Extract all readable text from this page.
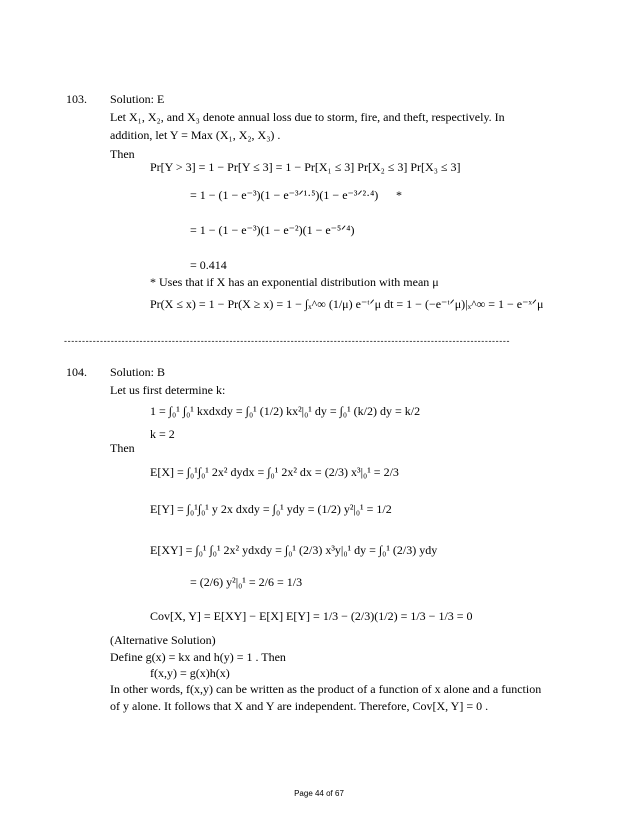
103. Solution: E
Let X₁, X₂, and X₃ denote annual loss due to storm, fire, and theft, respectively. In
addition, let Y = Max (X₁, X₂, X₃) .
Then
Pr[Y > 3] = 1 − Pr[Y ≤ 3] = 1 − Pr[X₁ ≤ 3] Pr[X₂ ≤ 3] Pr[X₃ ≤ 3]
= 1 − (1 − e⁻³)(1 − e⁻³ᐟ¹·⁵)(1 − e⁻³ᐟ²·⁴) *
= 1 − (1 − e⁻³)(1 − e⁻²)(1 − e⁻⁵ᐟ⁴)
= 0.414
* Uses that if X has an exponential distribution with mean μ
Pr(X ≤ x) = 1 − Pr(X ≥ x) = 1 − ∫ₓ^∞ (1/μ) e⁻ᵗᐟμ dt = 1 − (−e⁻ᵗᐟμ)|ₓ^∞ = 1 − e⁻ˣᐟμ
----------------------------------------------------------------------------------------------------------------------------
104. Solution: B
Let us first determine k:
1 = ∫₀¹ ∫₀¹ kxdxdy = ∫₀¹ (1/2) kx²|₀¹ dy = ∫₀¹ (k/2) dy = k/2
k = 2
Then
E[X] = ∫₀¹∫₀¹ 2x² dydx = ∫₀¹ 2x² dx = (2/3) x³|₀¹ = 2/3
E[Y] = ∫₀¹∫₀¹ y 2x dxdy = ∫₀¹ ydy = (1/2) y²|₀¹ = 1/2
E[XY] = ∫₀¹ ∫₀¹ 2x² ydxdy = ∫₀¹ (2/3) x³y|₀¹ dy = ∫₀¹ (2/3) ydy
= (2/6) y²|₀¹ = 2/6 = 1/3
Cov[X, Y] = E[XY] − E[X] E[Y] = 1/3 − (2/3)(1/2) = 1/3 − 1/3 = 0
(Alternative Solution)
Define g(x) = kx and h(y) = 1 . Then
f(x,y) = g(x)h(x)
In other words, f(x,y) can be written as the product of a function of x alone and a function
of y alone. It follows that X and Y are independent. Therefore, Cov[X, Y] = 0 .
Page 44 of 67
